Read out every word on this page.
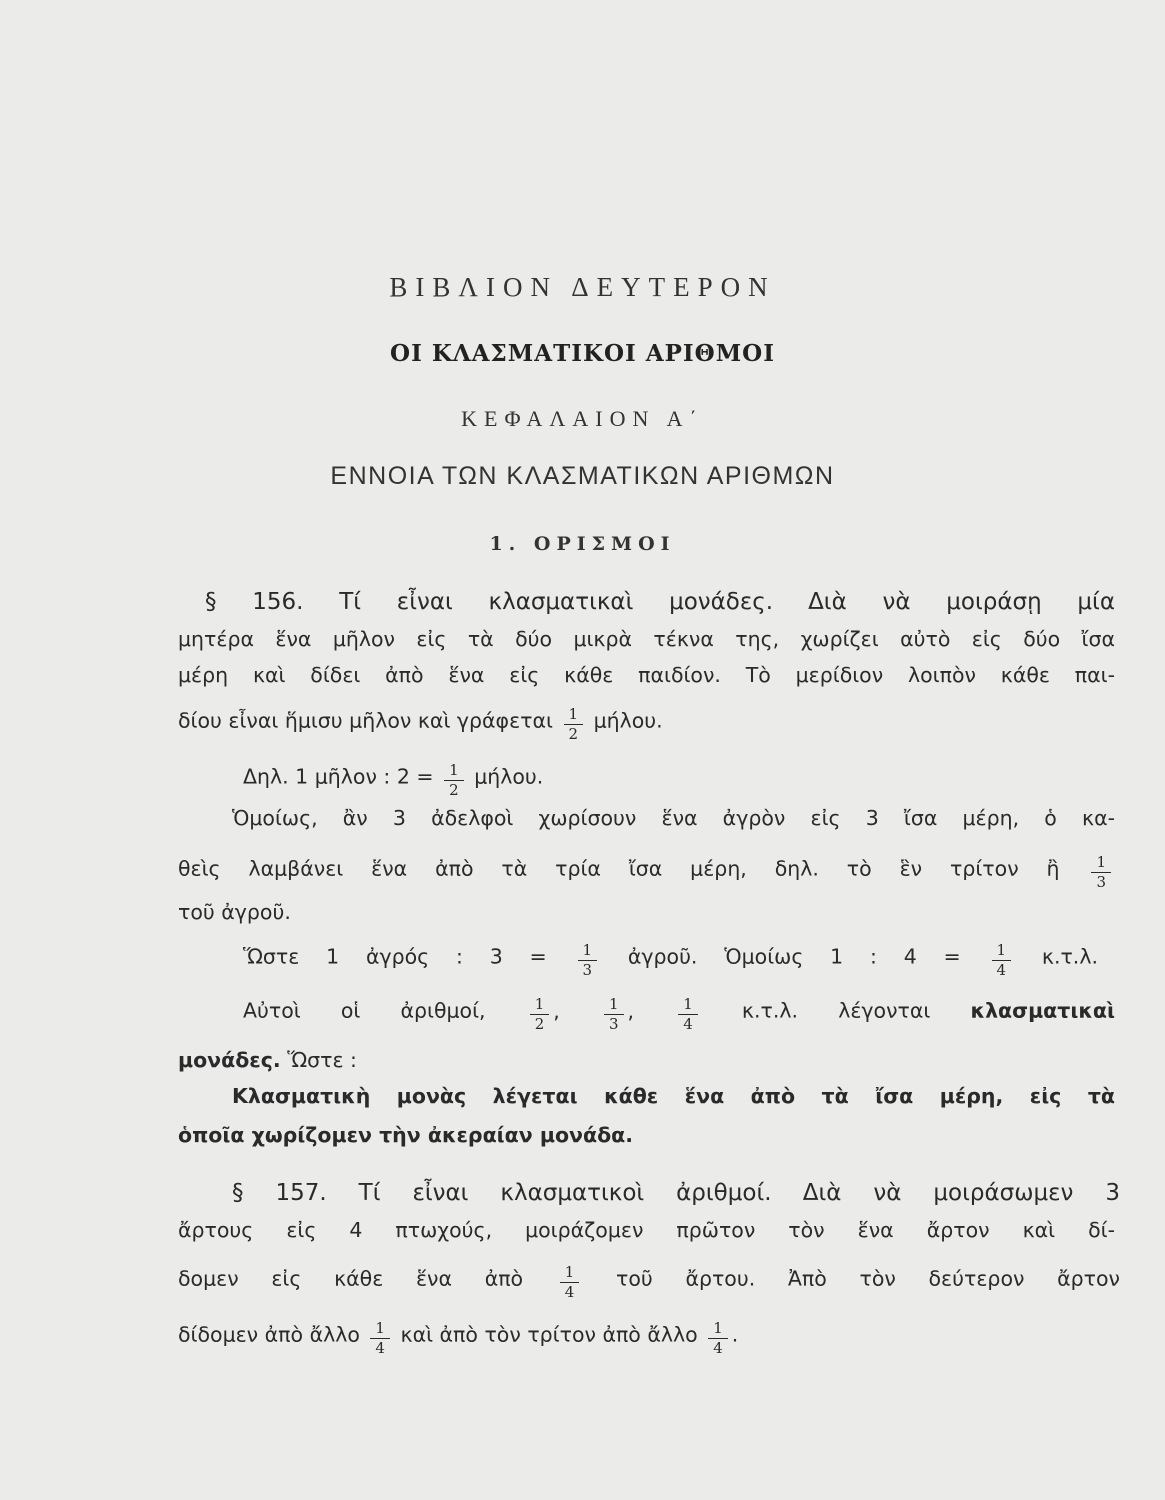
ΒΙΒΛΙΟΝ ΔΕΥΤΕΡΟΝ
ΟΙ ΚΛΑΣΜΑΤΙΚΟΙ ΑΡΙΘΜΟΙ
ΚΕΦΑΛΑΙΟΝ Α΄
ΕΝΝΟΙΑ ΤΩΝ ΚΛΑΣΜΑΤΙΚΩΝ ΑΡΙΘΜΩΝ
1. ΟΡΙΣΜΟΙ
§ 156. Τί εἶναι κλασματικαὶ μονάδες. Διὰ νὰ μοιράσῃ μία
μητέρα ἕνα μῆλον εἰς τὰ δύο μικρὰ τέκνα της, χωρίζει αὐτὸ εἰς δύο ἴσα
μέρη καὶ δίδει ἀπὸ ἕνα εἰς κάθε παιδίον. Τὸ μερίδιον λοιπὸν κάθε παι-
δίου εἶναι ἥμισυ μῆλον καὶ γράφεται $\frac{1}{2} \mu ή\lambda o\upsilon$.
Δηλ. 1 μῆλον : $2 = \frac{1}{2} \mu ή\lambda o\upsilon$.
Ὁμοίως, ἂν 3 ἀδελφοὶ χωρίσουν ἕνα ἀγρὸν εἰς 3 ἴσα μέρη, ὁ κα-
θεὶς λαμβάνει ἕνα ἀπὸ τὰ τρία ἴσα μέρη, δηλ. τὸ ἓν τρίτον ἢ $\frac{1}{3}$
τοῦ ἀγροῦ.
Ὥστε 1 ἀγρός : $3 = \frac{1}{3}$ ἀγροῦ. Ὁμοίως 1 : $4 = \frac{1}{4} \kappa.\tau.\lambda$.
Αὐτοὶ οἱ ἀριθμοί,	$\frac{1}{2}$ , $\frac{1}{3}$ , $\frac{1}{4} \kappa.\tau.\lambda$. λέγονται κλασματικαὶ
μονάδες. Ὥστε :
Κλασματικὴ μονὰς λέγεται κάθε ἕνα ἀπὸ τὰ ἴσα μέρη, εἰς τὰ
ὁποῖα χωρίζομεν τὴν ἀκεραίαν μονάδα.
§ 157. Τί εἶναι κλασματικοὶ ἀριθμοί. Διὰ νὰ μοιράσωμεν 3
ἄρτους εἰς 4 πτωχούς, μοιράζομεν πρῶτον τὸν ἕνα ἄρτον καὶ δί-
δομεν εἰς κάθε ἕνα ἀπὸ $\frac{1}{4}$ τοῦ ἄρτου. Ἀπὸ τὸν δεύτερον ἄρτον
δίδομεν ἀπὸ ἄλλο $\frac{1}{4}$ καὶ ἀπὸ τὸν τρίτον ἀπὸ ἄλλο $\frac{1}{4}$ .
